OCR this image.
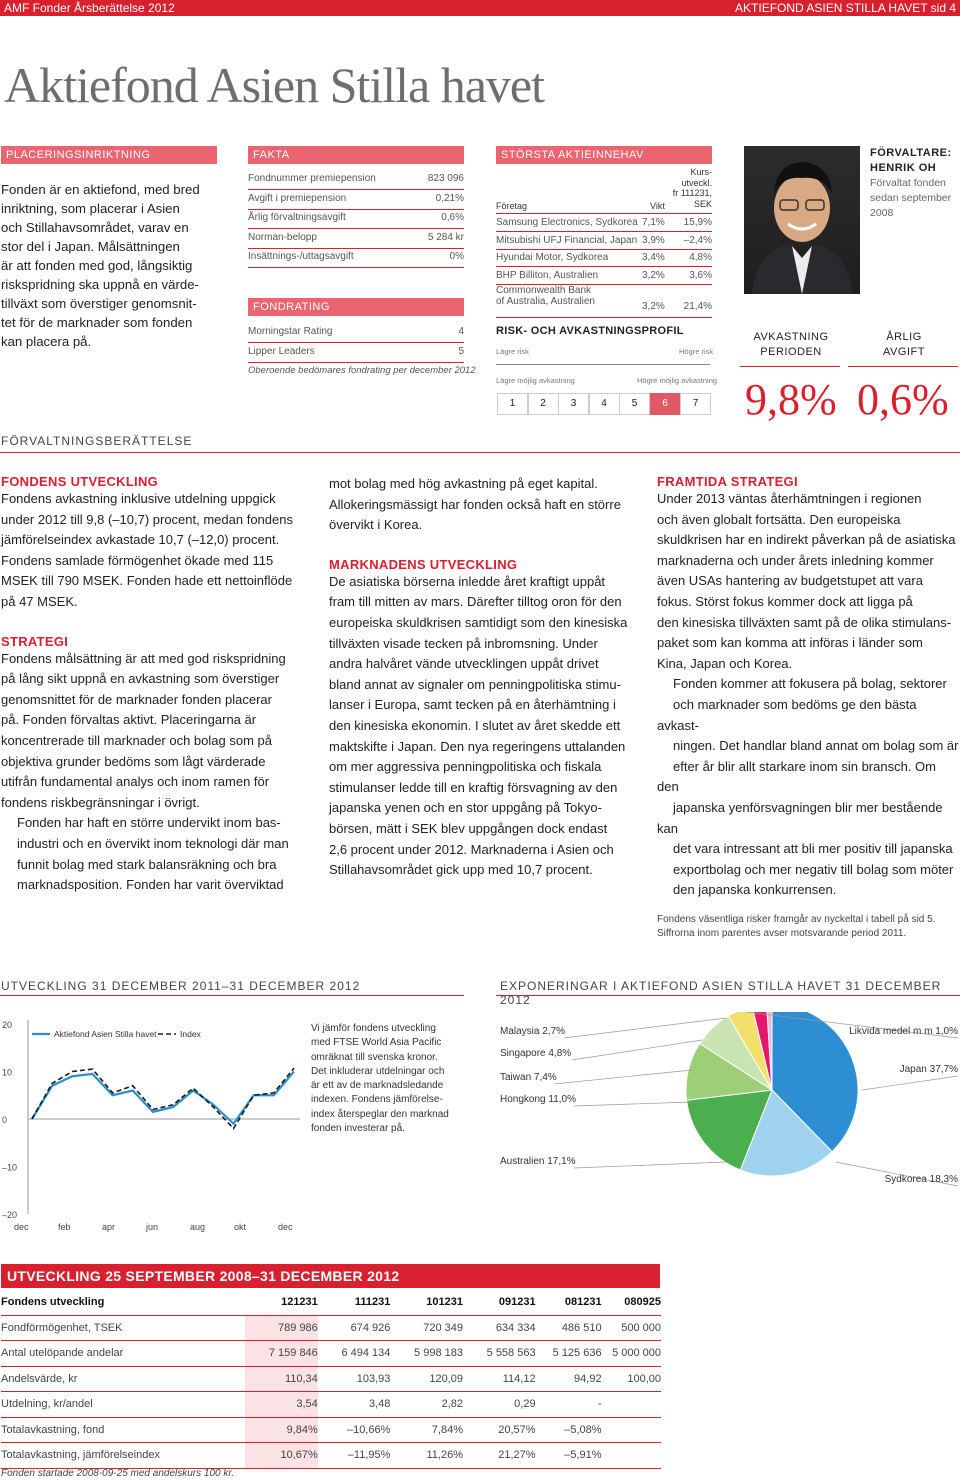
AMF Fonder Årsberättelse 2012	AKTIEFOND ASIEN STILLA HAVET sid 4
Aktiefond Asien Stilla havet
PLACERINGSINRIKTNING
Fonden är en aktiefond, med bred
inriktning, som placerar i Asien
och Stillahavsområdet, varav en
stor del i Japan. Målsättningen
är att fonden med god, långsiktig
riskspridning ska uppnå en värde-
tillväxt som överstiger genomsnit-
tet för de marknader som fonden
kan placera på.
FAKTA
Fondnummer premiepension	823 096
Avgift i premiepension	0,21%
Årlig förvaltningsavgift	0,6%
Norman-belopp	5 284 kr
Insättnings-/uttagsavgift	0%
FONDRATING
Morningstar Rating	4
Lipper Leaders	5
Oberoende bedömares fondrating per december 2012
STÖRSTA AKTIEINNEHAV
Kurs-
utveckl.
fr 111231,
SEK
Företag	Vikt
Samsung Electronics, Sydkorea 7,1% 15,9%
Mitsubishi UFJ Financial, Japan 3,9% –2,4%
Hyundai Motor, Sydkorea	3,4% 4,8%
BHP Billiton, Australien	3,2% 3,6%
Commonwealth Bank
of Australia, Australien	3,2% 21,4%
RISK- OCH AVKASTNINGSPROFIL
Lägre risk	Högre risk
Lägre möjlig avkastning	Högre möjlig avkastning
1	2	3	4	5	6	7
FÖRVALTARE:
HENRIK OH
Förvaltat fonden
sedan september
2008
AVKASTNING
PERIODEN
ÅRLIG
AVGIFT
9,8% 0,6%
FÖRVALTNINGSBERÄTTELSE
FONDENS UTVECKLING
Fondens avkastning inklusive utdelning uppgick
under 2012 till 9,8 (–10,7) procent, medan fondens
jämförelseindex avkastade 10,7 (–12,0) procent.
Fondens samlade förmögenhet ökade med 115
MSEK till 790 MSEK. Fonden hade ett nettoinflöde
på 47 MSEK.
STRATEGI
Fondens målsättning är att med god riskspridning
på lång sikt uppnå en avkastning som överstiger
genomsnittet för de marknader fonden placerar
på. Fonden förvaltas aktivt. Placeringarna är
koncentrerade till marknader och bolag som på
objektiva grunder bedöms som lågt värderade
utifrån fundamental analys och inom ramen för
fondens riskbegränsningar i övrigt.
Fonden har haft en större undervikt inom bas-
industri och en övervikt inom teknologi där man
funnit bolag med stark balansräkning och bra
marknadsposition. Fonden har varit överviktad
mot bolag med hög avkastning på eget kapital.
Allokeringsmässigt har fonden också haft en större
övervikt i Korea.
MARKNADENS UTVECKLING
De asiatiska börserna inledde året kraftigt uppåt
fram till mitten av mars. Därefter tilltog oron för den
europeiska skuldkrisen samtidigt som den kinesiska
tillväxten visade tecken på inbromsning. Under
andra halvåret vände utvecklingen uppåt drivet
bland annat av signaler om penningpolitiska stimu-
lanser i Europa, samt tecken på en återhämtning i
den kinesiska ekonomin. I slutet av året skedde ett
maktskifte i Japan. Den nya regeringens uttalanden
om mer aggressiva penningpolitiska och fiskala
stimulanser ledde till en kraftig försvagning av den
japanska yenen och en stor uppgång på Tokyo-
börsen, mätt i SEK blev uppgången dock endast
2,6 procent under 2012. Marknaderna i Asien och
Stillahavsområdet gick upp med 10,7 procent.
FRAMTIDA STRATEGI
Under 2013 väntas återhämtningen i regionen
och även globalt fortsätta. Den europeiska
skuldkrisen har en indirekt påverkan på de asiatiska
marknaderna och under årets inledning kommer
även USAs hantering av budgetstupet att vara
fokus. Störst fokus kommer dock att ligga på
den kinesiska tillväxten samt på de olika stimulans-
paket som kan komma att införas i länder som
Kina, Japan och Korea.
Fonden kommer att fokusera på bolag, sektorer
och marknader som bedöms ge den bästa avkast-
ningen. Det handlar bland annat om bolag som är
efter år blir allt starkare inom sin bransch. Om den
japanska yenförsvagningen blir mer bestående kan
det vara intressant att bli mer positiv till japanska
exportbolag och mer negativ till bolag som möter
den japanska konkurrensen.
Fondens väsentliga risker framgår av nyckeltal i tabell på sid 5.
Siffrorna inom parentes avser motsvarande period 2011.
UTVECKLING 31 DECEMBER 2011–31 DECEMBER 2012
20
10
0
–10
–20
dec	feb	apr	jun	aug	okt	dec
Aktiefond Asien Stilla havet	Index	Vi jämför fondens utveckling
med FTSE World Asia Pacific
omräknat till svenska kronor.
Det inkluderar utdelningar och
är ett av de marknadsledande
indexen. Fondens jämförelse-
index återspeglar den marknad
fonden investerar på.
EXPONERINGAR I AKTIEFOND ASIEN STILLA HAVET 31 DECEMBER 2012
Japan 37,7%
Sydkorea 18,3%
Australien 17,1%
Hongkong 11,0%
Taiwan 7,4%
Singapore 4,8%
Malaysia 2,7%	Likvida medel m m 1,0%
UTVECKLING 25 SEPTEMBER 2008–31 DECEMBER 2012
Fondens utveckling	121231	111231	101231	091231	081231	080925
Fondförmögenhet, TSEK	789 986	674 926	720 349	634 334	486 510	500 000
Antal utelöpande andelar	7 159 846	6 494 134	5 998 183	5 558 563	5 125 636	5 000 000
Andelsvärde, kr	110,34	103,93	120,09	114,12	94,92	100,00
Utdelning, kr/andel	3,54	3,48	2,82	0,29	-	
Totalavkastning, fond	9,84%	–10,66%	7,84%	20,57%	–5,08%	
Totalavkastning, jämförelseindex	10,67%	–11,95%	11,26%	21,27%	–5,91%	
Fonden startade 2008-09-25 med andelskurs 100 kr.
